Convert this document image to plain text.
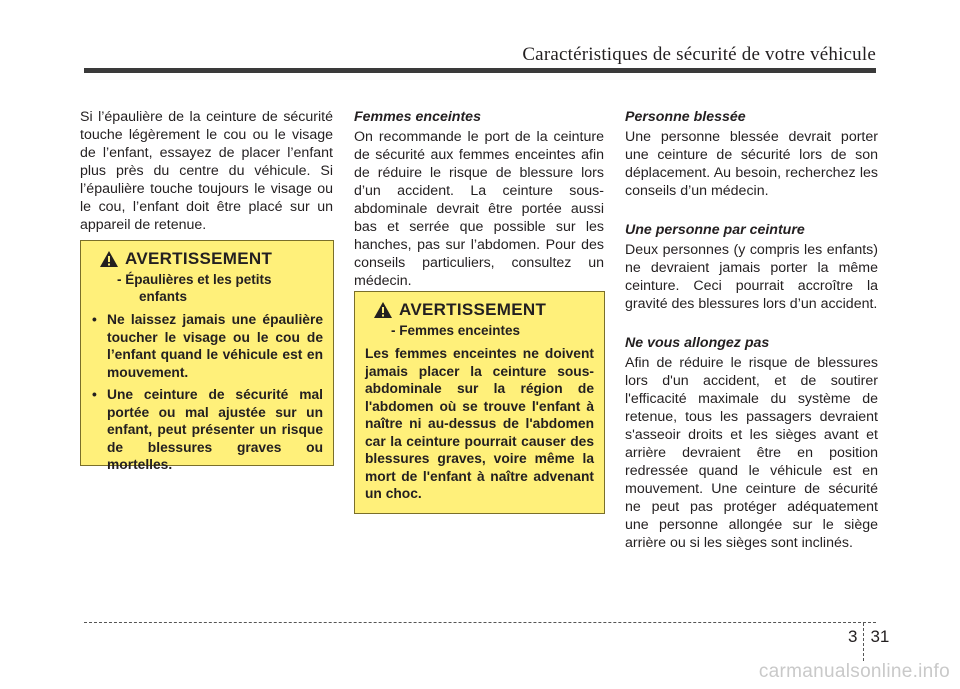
Caractéristiques de sécurité de votre véhicule

Si l’épaulière de la ceinture de sécurité touche légèrement le cou ou le visage de l’enfant, essayez de placer l’enfant plus près du centre du véhicule. Si l’épaulière touche toujours le visage ou le cou, l’enfant doit être placé sur un appareil de retenue.

AVERTISSEMENT
- Épaulières et les petits
enfants
• Ne laissez jamais une épaulière toucher le visage ou le cou de l’enfant quand le véhicule est en mouvement.
• Une ceinture de sécurité mal portée ou mal ajustée sur un enfant, peut présenter un risque de blessures graves ou mortelles.
Femmes enceintes

On recommande le port de la ceinture de sécurité aux femmes enceintes afin de réduire le risque de blessure lors d’un accident. La ceinture sous-abdominale devrait être portée aussi bas et serrée que possible sur les hanches, pas sur l’abdomen. Pour des conseils particuliers, consultez un médecin.

AVERTISSEMENT
- Femmes enceintes

Les femmes enceintes ne doivent jamais placer la ceinture sous-abdominale sur la région de l'abdomen où se trouve l'enfant à naître ni au-dessus de l'abdomen car la ceinture pourrait causer des blessures graves, voire même la mort de l'enfant à naître advenant un choc.

Personne blessée

Une personne blessée devrait porter une ceinture de sécurité lors de son déplacement. Au besoin, recherchez les conseils d’un médecin.

Une personne par ceinture

Deux personnes (y compris les enfants) ne devraient jamais porter la même ceinture. Ceci pourrait accroître la gravité des blessures lors d’un accident.

Ne vous allongez pas

Afin de réduire le risque de blessures lors d'un accident, et de soutirer l'efficacité maximale du système de retenue, tous les passagers devraient s'asseoir droits et les sièges avant et arrière devraient être en position redressée quand le véhicule est en mouvement. Une ceinture de sécurité ne peut pas protéger adéquatement une personne allongée sur le siège arrière ou si les sièges sont inclinés.

3 31
carmanualsonline.info
